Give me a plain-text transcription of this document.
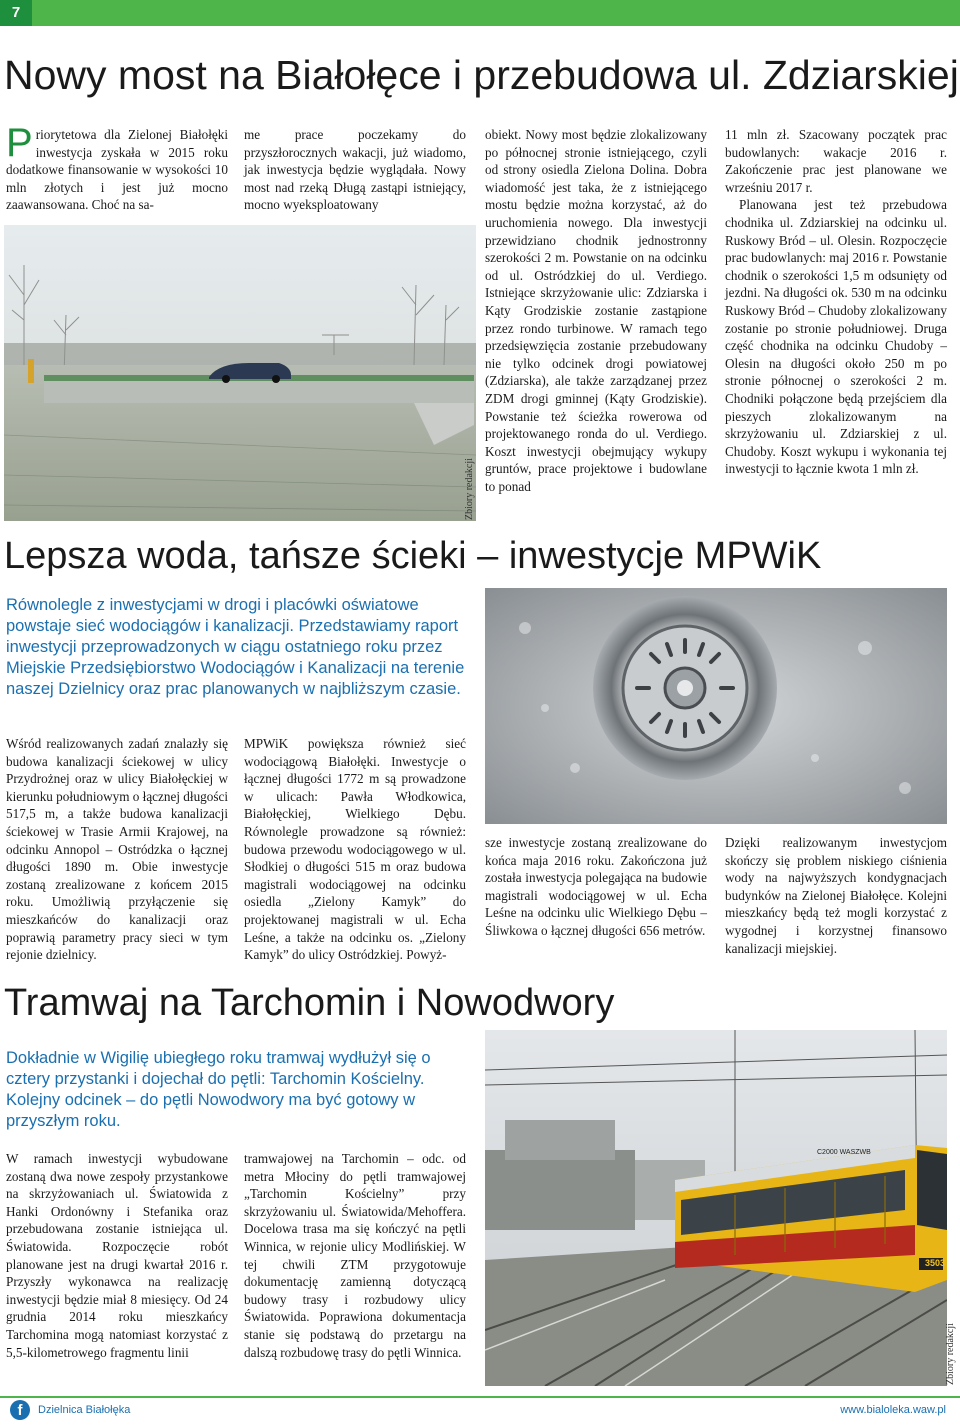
7
Nowy most na Białołęce i przebudowa ul. Zdziarskiej
Priorytetowa dla Zielonej Białołęki inwestycja zyskała w 2015 roku dodatkowe finansowanie w wysokości 10 mln złotych i jest już mocno zaawansowana. Choć na sa-
me prace poczekamy do przyszłorocznych wakacji, już wiadomo, jak inwestycja będzie wyglądała. Nowy most nad rzeką Długą zastąpi istniejący, mocno wyeksploatowany
Zbiory redakcji
obiekt. Nowy most będzie zlokalizowany po północnej stronie istniejącego, czyli od strony osiedla Zielona Dolina. Dobra wiadomość jest taka, że z istniejącego mostu będzie można korzystać, aż do uruchomienia nowego. Dla inwestycji przewidziano chodnik jednostronny szerokości 2 m. Powstanie on na odcinku od ul. Ostródzkiej do ul. Verdiego. Istniejące skrzyżowanie ulic: Zdziarska i Kąty Grodziskie zostanie zastąpione przez rondo turbinowe. W ramach tego przedsięwzięcia zostanie przebudowany nie tylko odcinek drogi powiatowej (Zdziarska), ale także zarządzanej przez ZDM drogi gminnej (Kąty Grodziskie). Powstanie też ścieżka rowerowa od projektowanego ronda do ul. Verdiego. Koszt inwestycji obejmujący wykupy gruntów, prace projektowe i budowlane to ponad
11 mln zł. Szacowany początek prac budowlanych: wakacje 2016 r. Zakończenie prac jest planowane we wrześniu 2017 r.
Planowana jest też przebudowa chodnika ul. Zdziarskiej na odcinku ul. Ruskowy Bród – ul. Olesin. Rozpoczęcie prac budowlanych: maj 2016 r. Powstanie chodnik o szerokości 1,5 m odsunięty od jezdni. Na długości ok. 530 m na odcinku Ruskowy Bród – Chudoby zlokalizowany zostanie po stronie południowej. Druga część chodnika na odcinku Chudoby – Olesin na długości około 250 m po stronie północnej o szerokości 2 m. Chodniki połączone będą przejściem dla pieszych zlokalizowanym na skrzyżowaniu ul. Zdziarskiej z ul. Chudoby. Koszt wykupu i wykonania tej inwestycji to łącznie kwota 1 mln zł.
Lepsza woda, tańsze ścieki – inwestycje MPWiK
Równolegle z inwestycjami w drogi i placówki oświatowe powstaje sieć wodociągów i kanalizacji. Przedstawiamy raport inwestycji przeprowadzonych w ciągu ostatniego roku przez Miejskie Przedsiębiorstwo Wodociągów i Kanalizacji na terenie naszej Dzielnicy oraz prac planowanych w najbliższym czasie.
Wśród realizowanych zadań znalazły się budowa kanalizacji ściekowej w ulicy Przydrożnej oraz w ulicy Białołęckiej w kierunku południowym o łącznej długości 517,5 m, a także budowa kanalizacji ściekowej w Trasie Armii Krajowej, na odcinku Annopol – Ostródzka o łącznej długości 1890 m. Obie inwestycje zostaną zrealizowane z końcem 2015 roku. Umożliwią przyłączenie się mieszkańców do kanalizacji oraz poprawią parametry pracy sieci w tym rejonie dzielnicy.
MPWiK powiększa również sieć wodociągową Białołęki. Inwestycje o łącznej długości 1772 m są prowadzone w ulicach: Pawła Włodkowica, Białołęckiej, Wielkiego Dębu. Równolegle prowadzone są również: budowa przewodu wodociągowego w ul. Słodkiej o długości 515 m oraz budowa magistrali wodociągowej na odcinku osiedla „Zielony Kamyk” do projektowanej magistrali w ul. Echa Leśne, a także na odcinku os. „Zielony Kamyk” do ulicy Ostródzkiej. Powyż-
sze inwestycje zostaną zrealizowane do końca maja 2016 roku. Zakończona już została inwestycja polegająca na budowie magistrali wodociągowej w ul. Echa Leśne na odcinku ulic Wielkiego Dębu – Śliwkowa o łącznej długości 656 metrów.
Dzięki realizowanym inwestycjom skończy się problem niskiego ciśnienia wody na najwyższych kondygnacjach budynków na Zielonej Białołęce. Kolejni mieszkańcy będą też mogli korzystać z wygodnej i korzystnej finansowo kanalizacji miejskiej.
Tramwaj na Tarchomin i Nowodwory
Dokładnie w Wigilię ubiegłego roku tramwaj wydłużył się o cztery przystanki i dojechał do pętli: Tarchomin Kościelny. Kolejny odcinek – do pętli Nowodwory ma być gotowy w przyszłym roku.
W ramach inwestycji wybudowane zostaną dwa nowe zespoły przystankowe na skrzyżowaniach ul. Światowida z Hanki Ordonówny i Stefanika oraz przebudowana zostanie istniejąca ul. Światowida. Rozpoczęcie robót planowane jest na drugi kwartał 2016 r. Przyszły wykonawca na realizację inwestycji będzie miał 8 miesięcy. Od 24 grudnia 2014 roku mieszkańcy Tarchomina mogą natomiast korzystać z 5,5-kilometrowego fragmentu linii
tramwajowej na Tarchomin – odc. od metra Młociny do pętli tramwajowej „Tarchomin Kościelny” przy skrzyżowaniu ul. Światowida/Mehoffera. Docelowa trasa ma się kończyć na pętli Winnica, w rejonie ulicy Modlińskiej. W tej chwili ZTM przygotowuje dokumentację zamienną dotyczącą budowy trasy i rozbudowy ulicy Światowida. Poprawiona dokumentacja stanie się podstawą do przetargu na dalszą rozbudowę trasy do pętli Winnica.
3503
C2000 WASZWB
Zbiory redakcji
f	Dzielnica Białołęka	www.bialoleka.waw.pl
